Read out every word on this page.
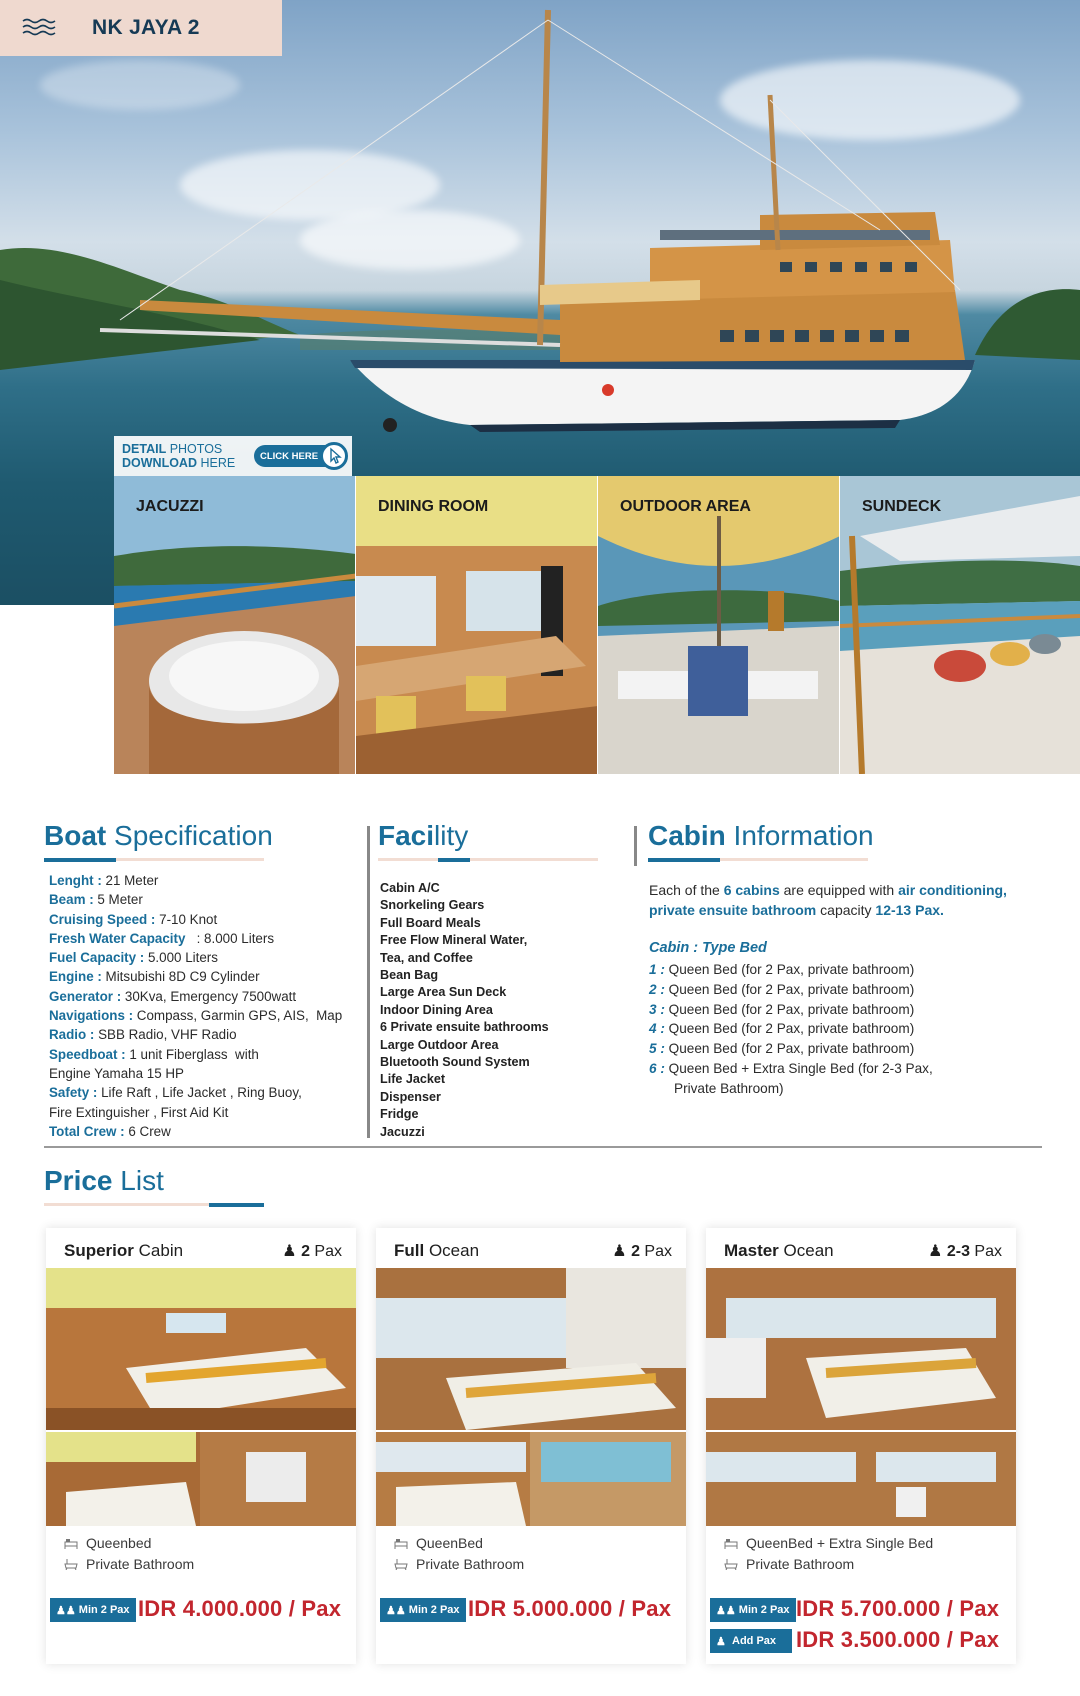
NK JAYA 2
DETAIL PHOTOS
DOWNLOAD HERE	CLICK HERE
JACUZZI	DINING ROOM	OUTDOOR AREA	SUNDECK
Boat Specification
Lenght : 21 Meter
Beam : 5 Meter
Cruising Speed : 7-10 Knot
Fresh Water Capacity   : 8.000 Liters
Fuel Capacity : 5.000 Liters
Engine : Mitsubishi 8D C9 Cylinder
Generator : 30Kva, Emergency 7500watt
Navigations : Compass, Garmin GPS, AIS,  Map
Radio : SBB Radio, VHF Radio
Speedboat : 1 unit Fiberglass  with
Engine Yamaha 15 HP
Safety : Life Raft , Life Jacket , Ring Buoy,
Fire Extinguisher , First Aid Kit
Total Crew : 6 Crew
Facility
Cabin A/C
Snorkeling Gears
Full Board Meals
Free Flow Mineral Water,
Tea, and Coffee
Bean Bag
Large Area Sun Deck
Indoor Dining Area
6 Private ensuite bathrooms
Large Outdoor Area
Bluetooth Sound System
Life Jacket
Dispenser
Fridge
Jacuzzi
Cabin Information
Each of the 6 cabins are equipped with air conditioning,
private ensuite bathroom capacity 12-13 Pax.
Cabin : Type Bed
1 : Queen Bed (for 2 Pax, private bathroom)
2 : Queen Bed (for 2 Pax, private bathroom)
3 : Queen Bed (for 2 Pax, private bathroom)
4 : Queen Bed (for 2 Pax, private bathroom)
5 : Queen Bed (for 2 Pax, private bathroom)
6 : Queen Bed + Extra Single Bed (for 2-3 Pax,
Private Bathroom)
Price List
Superior Cabin	♟ 2 Pax
Queenbed
Private Bathroom
♟♟
Min 2 Pax IDR 4.000.000 / Pax
Full Ocean	♟ 2 Pax
QueenBed
Private Bathroom
♟♟
Min 2 Pax IDR 5.000.000 / Pax
Master Ocean	♟ 2-3 Pax
QueenBed + Extra Single Bed
Private Bathroom
♟♟
Min 2 Pax IDR 5.700.000 / Pax
♟
Add Pax IDR 3.500.000 / Pax
